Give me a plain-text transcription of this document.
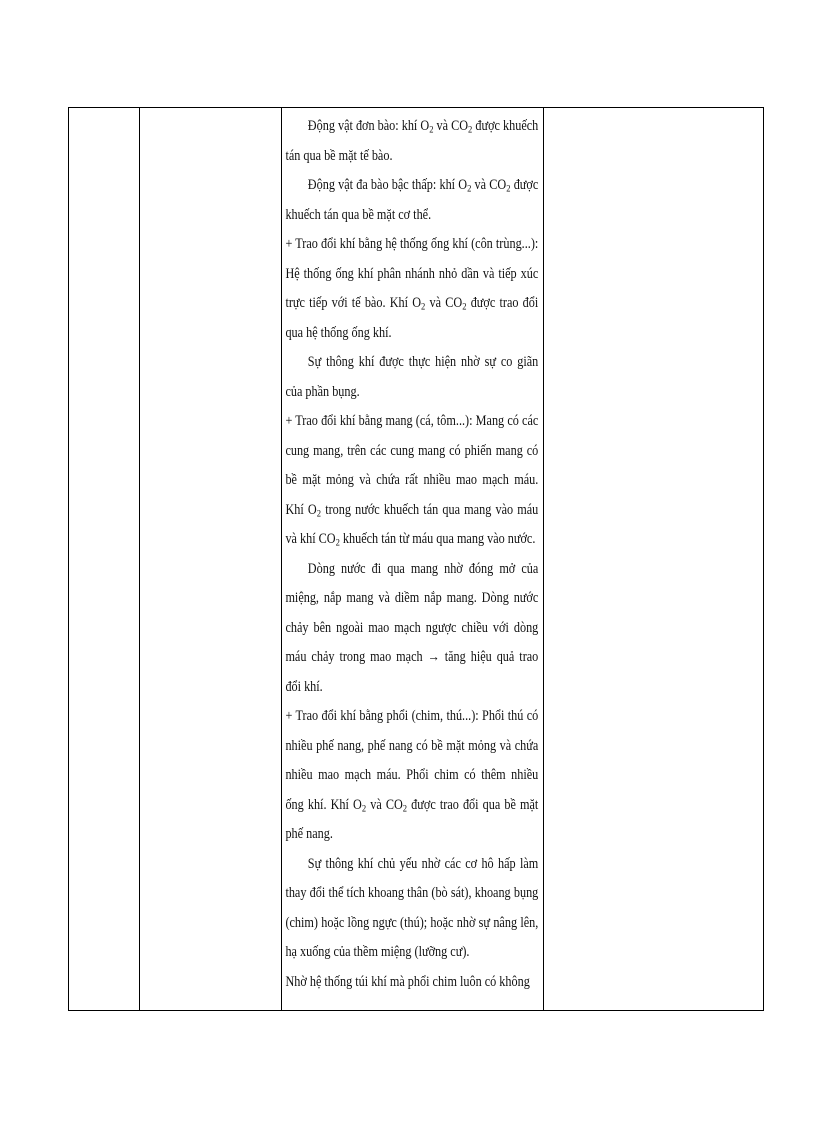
Động vật đơn bào: khí $O_2$ và $CO_2$ được khuếch tán qua bề mặt tế bào.

Động vật đa bào bậc thấp: khí $O_2$ và $CO_2$ được khuếch tán qua bề mặt cơ thể.

+ Trao đổi khí bằng hệ thống ống khí (côn trùng...): Hệ thống ống khí phân nhánh nhỏ dần và tiếp xúc trực tiếp với tế bào. Khí $O_2$ và $CO_2$ được trao đổi qua hệ thống ống khí.

Sự thông khí được thực hiện nhờ sự co giãn của phần bụng.

+ Trao đổi khí bằng mang (cá, tôm...): Mang có các cung mang, trên các cung mang có phiến mang có bề mặt mỏng và chứa rất nhiều mao mạch máu. Khí $O_2$ trong nước khuếch tán qua mang vào máu và khí $CO_2$ khuếch tán từ máu qua mang vào nước.

Dòng nước đi qua mang nhờ đóng mở của miệng, nắp mang và diềm nắp mang. Dòng nước chảy bên ngoài mao mạch ngược chiều với dòng máu chảy trong mao mạch → tăng hiệu quả trao đổi khí.

+ Trao đổi khí bằng phổi (chim, thú...): Phổi thú có nhiều phế nang, phế nang có bề mặt mỏng và chứa nhiều mao mạch máu. Phổi chim có thêm nhiều ống khí. Khí $O_2$ và $CO_2$ được trao đổi qua bề mặt phế nang.

Sự thông khí chủ yếu nhờ các cơ hô hấp làm thay đổi thể tích khoang thân (bò sát), khoang bụng (chim) hoặc lồng ngực (thú); hoặc nhờ sự nâng lên, hạ xuống của thềm miệng (lưỡng cư).

Nhờ hệ thống túi khí mà phổi chim luôn có không
